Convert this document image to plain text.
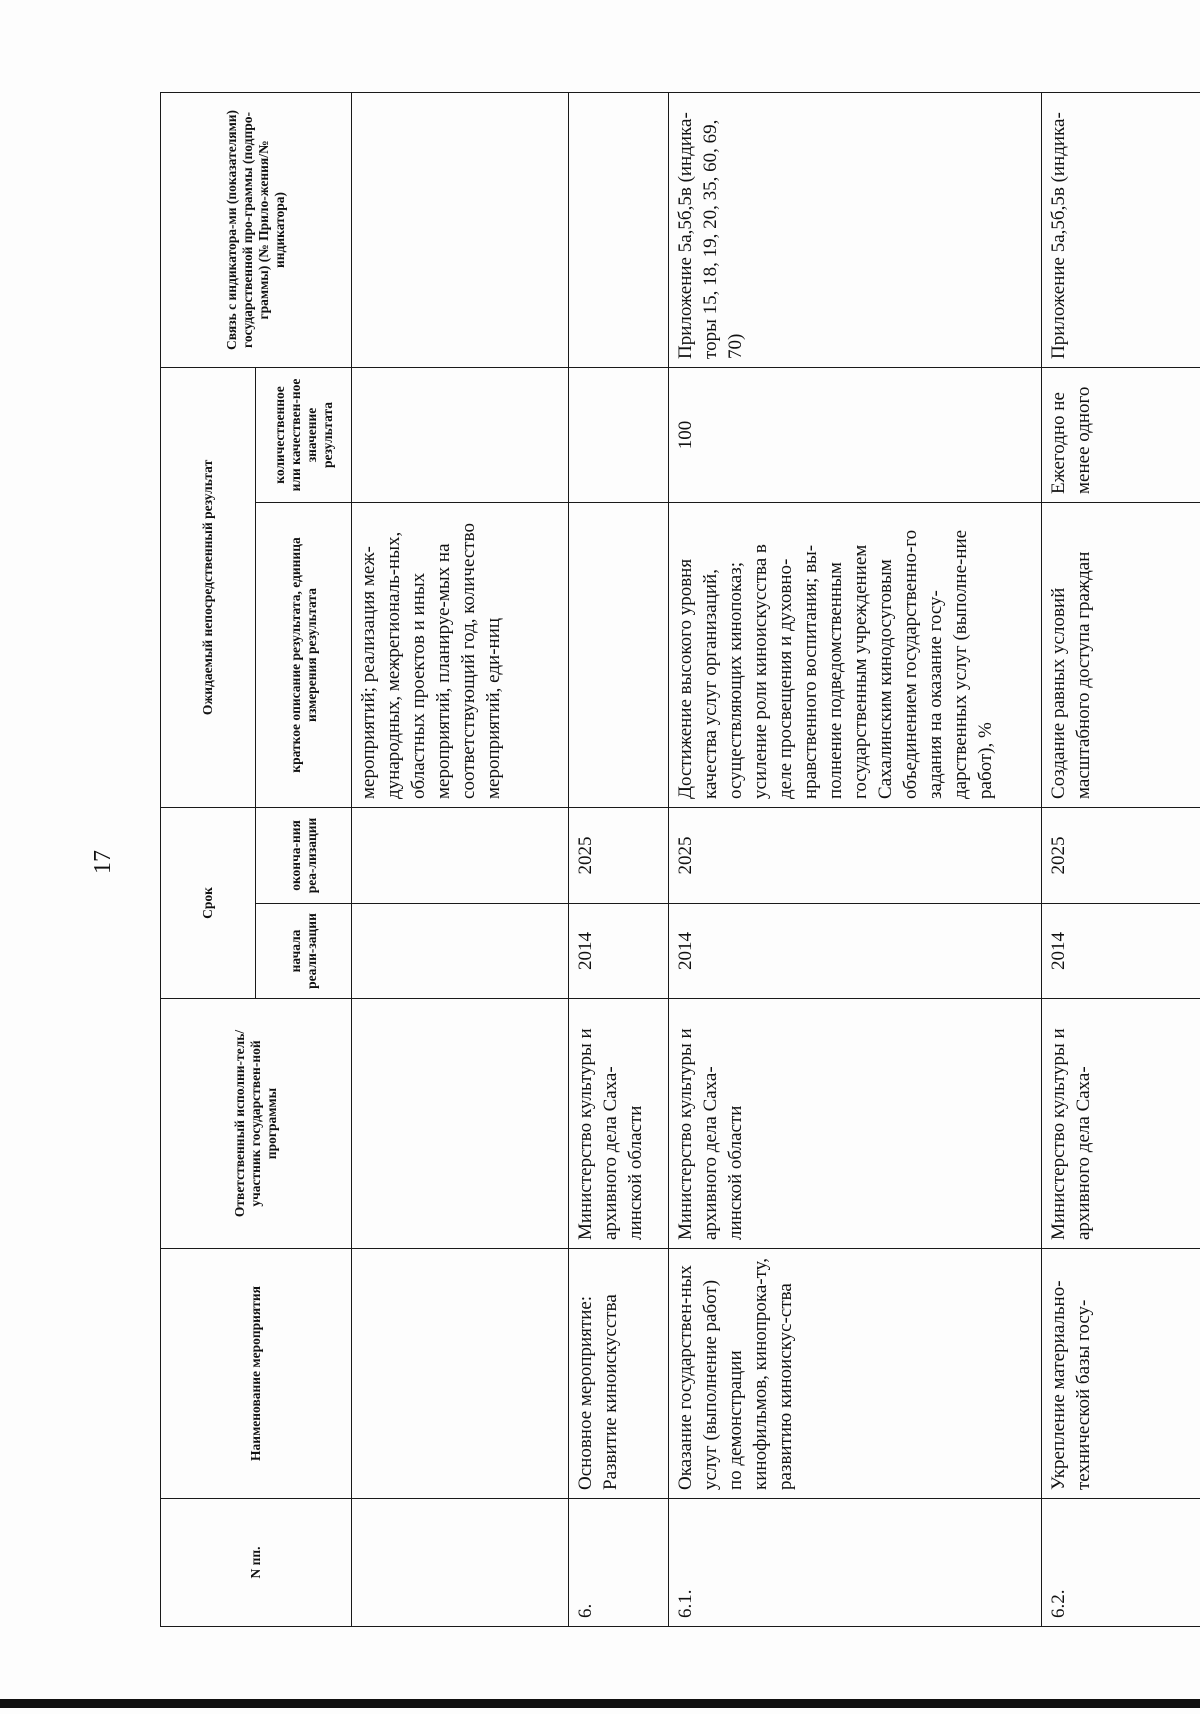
17
N пп.	Наименование мероприятия	Ответственный исполни-тель/участник государствен-ной программы	Срок		Ожидаемый непосредственный результат		Связь с индикатора-ми (показателями) государственной про-граммы (подпро-граммы) (№ Прило-жения/№ индикатора)

			начала реали-зации	оконча-ния реа-лизации	краткое описание результата, единица измерения результата	количественное или качествен-ное значение результата	

					мероприятий; реализация меж-дународных, межрегиональ-ных, областных проектов и иных мероприятий, планируе-мых на соответствующий год, количество мероприятий, еди-ниц		

6.	Основное мероприятие: Развитие киноискусства	Министерство культуры и архивного дела Саха-линской области	2014	2025			

6.1.	Оказание государствен-ных услуг (выполнение работ) по демонстрации кинофильмов, кинопрока-ту, развитию киноискус-ства	Министерство культуры и архивного дела Саха-линской области	2014	2025	Достижение высокого уровня качества услуг организаций, осуществляющих кинопоказ; усиление роли киноискусства в деле просвещения и духовно-нравственного воспитания; вы-полнение подведомственным государственным учреждением Сахалинским кинодосуговым объединением государственно-го задания на оказание госу-дарственных услуг (выполне-ние работ), %	100	Приложение 5а,5б,5в (индика-торы 15, 18, 19, 20, 35, 60, 69, 70)

6.2.	Укрепление материально-технической базы госу-	Министерство культуры и архивного дела Саха-	2014	2025	Создание равных условий масштабного доступа граждан	Ежегодно не менее одного	Приложение 5а,5б,5в (индика-
